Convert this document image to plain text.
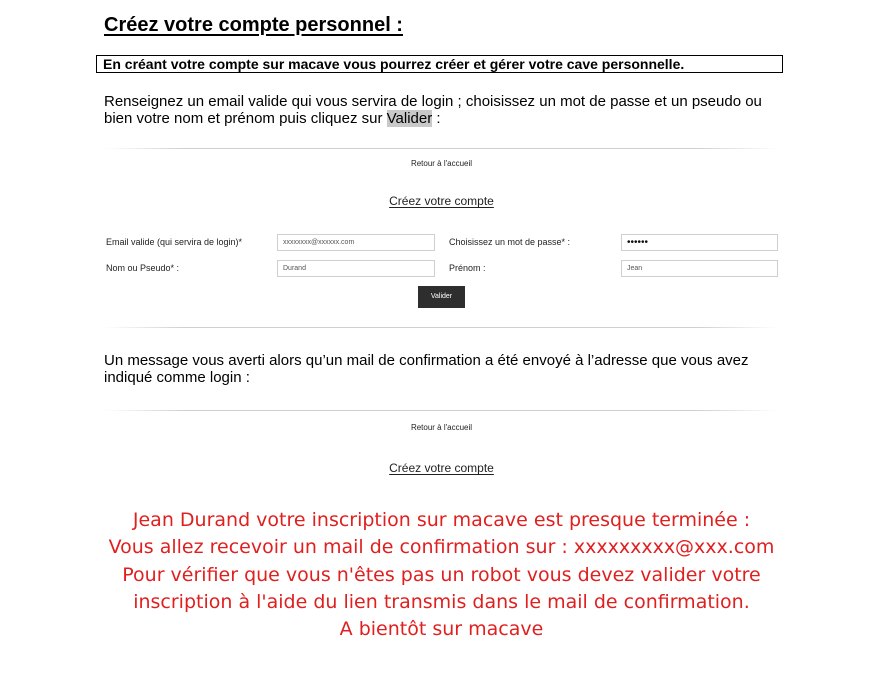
Créez votre compte personnel :
En créant votre compte sur macave vous pourrez créer et gérer votre cave personnelle.
Renseignez un email valide qui vous servira de login ; choisissez un mot de passe et un pseudo ou bien votre nom et prénom puis cliquez sur Valider :
Retour à l'accueil
Créez votre compte
Email valide (qui servira de login)*	xxxxxxxx@xxxxxx.com	Choisissez un mot de passe* :	••••••
Nom ou Pseudo* :	Durand	Prénom :	Jean
Valider
Un message vous averti alors qu’un mail de confirmation a été envoyé à l’adresse que vous avez indiqué comme login :
Retour à l'accueil
Créez votre compte
Jean Durand votre inscription sur macave est presque terminée :
Vous allez recevoir un mail de confirmation sur : xxxxxxxxx@xxx.com
Pour vérifier que vous n'êtes pas un robot vous devez valider votre
inscription à l'aide du lien transmis dans le mail de confirmation.
A bientôt sur macave
